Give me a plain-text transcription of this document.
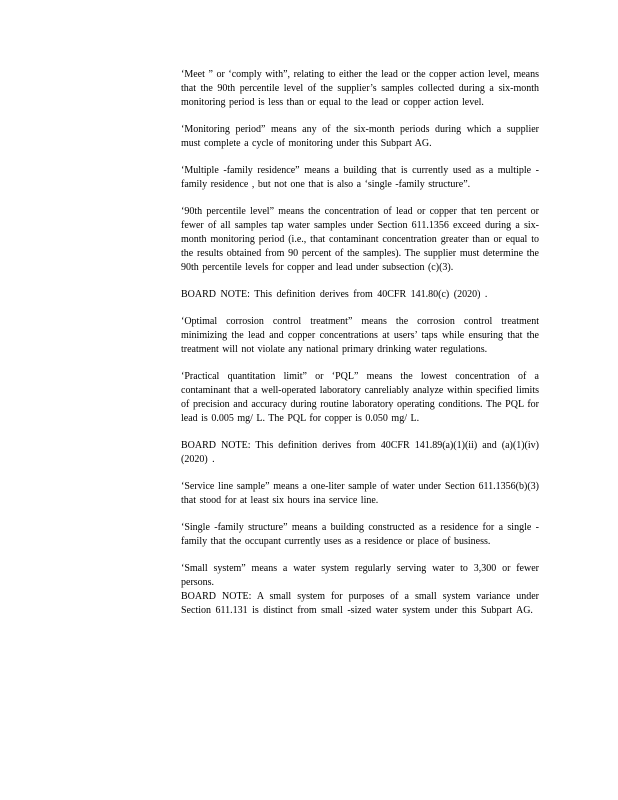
‘Meet ” or ‘comply with”, relating to either the lead or the copper action level, means that the 90th percentile level of the supplier’s samples collected during a six-month monitoring period is less than or equal to the lead or copper action level.

‘Monitoring period” means any of the six-month periods during which a supplier must complete a cycle of monitoring under this Subpart AG.

‘Multiple -family residence” means a building that is currently used as a multiple -family residence , but not one that is also a ‘single -family structure”.

‘90th percentile level” means the concentration of lead or copper that ten percent or fewer of all samples tap water samples under Section 611.1356 exceed during a six-month monitoring period (i.e., that contaminant concentration greater than or equal to the results obtained from 90 percent of the samples). The supplier must determine the 90th percentile levels for copper and lead under subsection (c)(3).

BOARD NOTE: This definition derives from 40CFR 141.80(c) (2020) .

‘Optimal corrosion control treatment” means the corrosion control treatment minimizing the lead and copper concentrations at users’ taps while ensuring that the treatment will not violate any national primary drinking water regulations.

‘Practical quantitation limit” or ‘PQL” means the lowest concentration of a contaminant that a well-operated laboratory canreliably analyze within specified limits of precision and accuracy during routine laboratory operating conditions. The PQL for lead is 0.005 mg/ L. The PQL for copper is 0.050 mg/ L.

BOARD NOTE: This definition derives from 40CFR 141.89(a)(1)(ii) and (a)(1)(iv) (2020) .

‘Service line sample” means a one-liter sample of water under Section 611.1356(b)(3) that stood for at least six hours ina service line.

‘Single -family structure” means a building constructed as a residence for a single -family that the occupant currently uses as a residence or place of business.

‘Small system” means a water system regularly serving water to 3,300 or fewer persons.

BOARD NOTE: A small system for purposes of a small system variance under Section 611.131 is distinct from small -sized water system under this Subpart AG.
